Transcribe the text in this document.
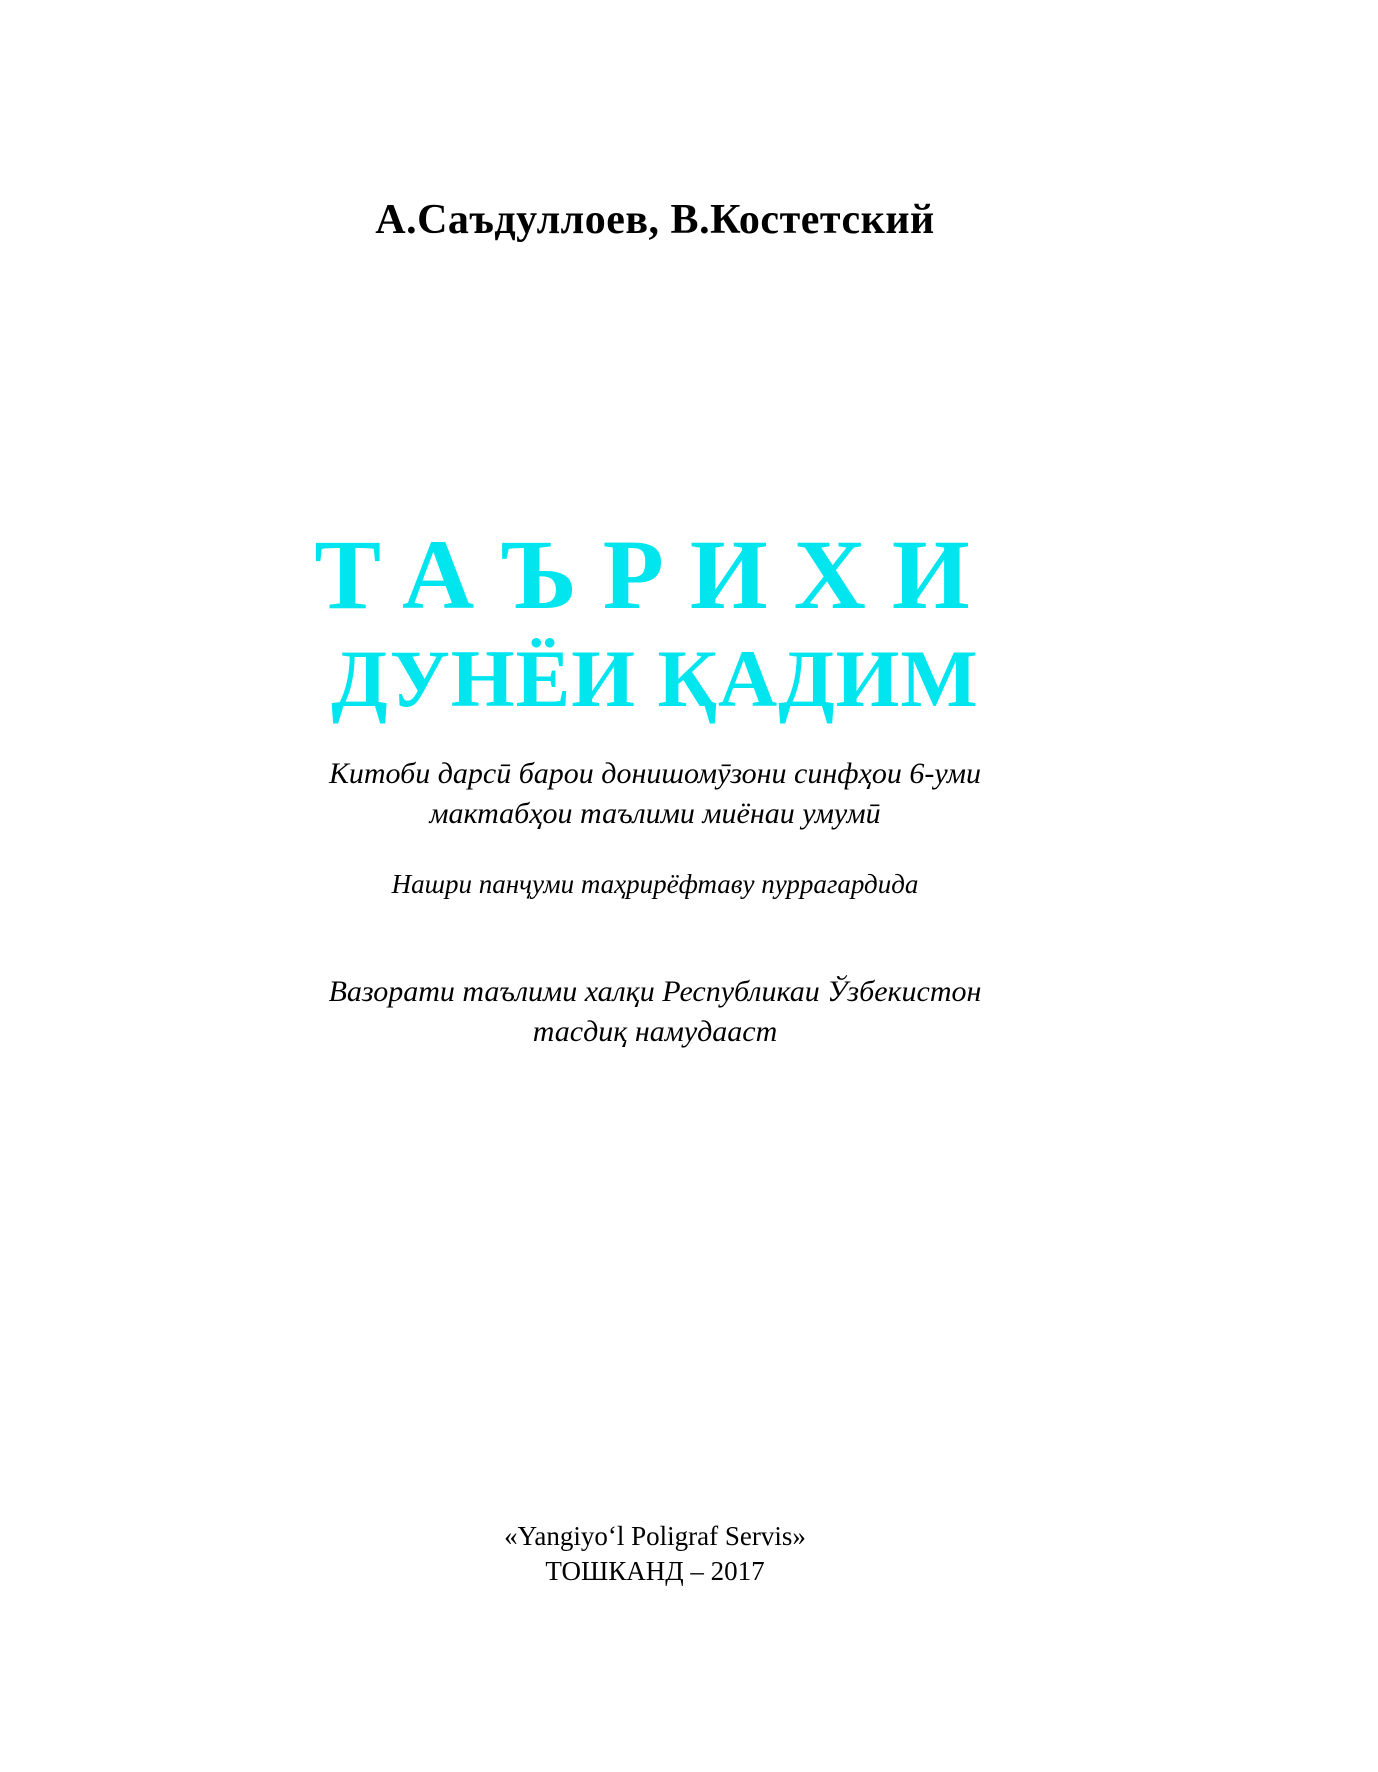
А.Саъдуллоев, В.Костетский
ТАЪРИХИ
ДУНЁИ ҚАДИМ
Китоби дарсӣ барои донишомӯзони синфҳои 6-уми
мактабҳои таълими миёнаи умумӣ
Нашри панҷуми таҳрирёфтаву пуррагардида
Вазорати таълими халқи Республикаи Ўзбекистон
тасдиқ намудааст
«Yangiyo‘l Poligraf Servis»
ТОШКАНД – 2017
